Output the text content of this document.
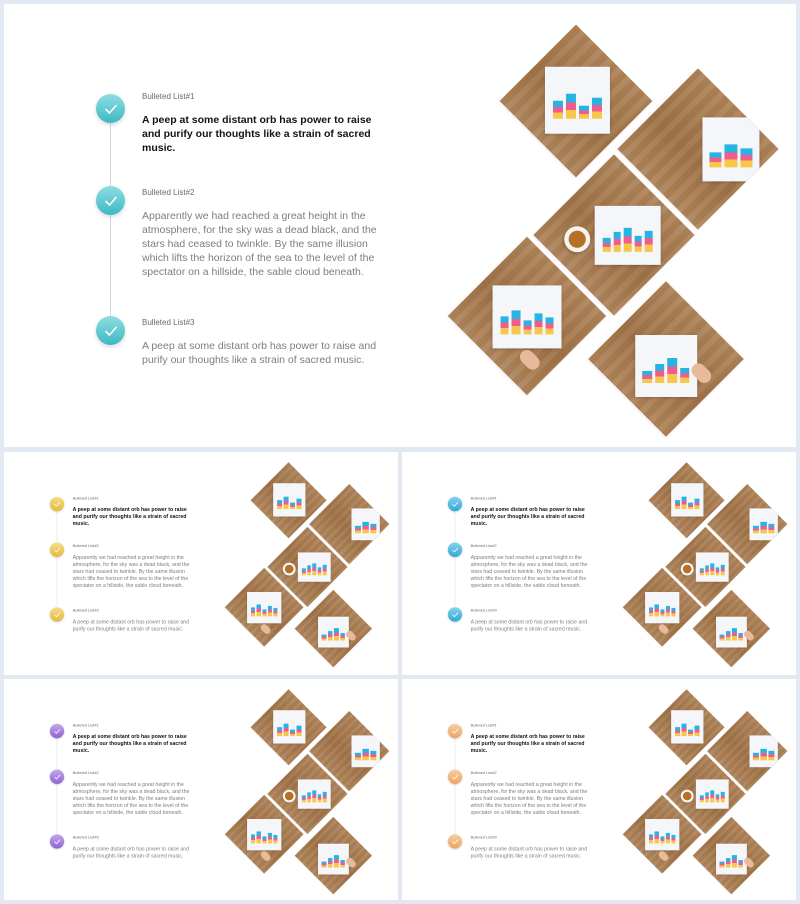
Bulleted List#1
A peep at some distant orb has power to raise and purify our thoughts like a strain of sacred music.
Bulleted List#2
Apparently we had reached a great height in the atmosphere, for the sky was a dead black, and the stars had ceased to twinkle. By the same illusion which lifts the horizon of the sea to the level of the spectator on a hillside, the sable cloud beneath.
Bulleted List#3
A peep at some distant orb has power to raise and purify our thoughts like a strain of sacred music.
Bulleted List#1
A peep at some distant orb has power to raise and purify our thoughts like a strain of sacred music.
Bulleted List#2
Apparently we had reached a great height in the atmosphere, for the sky was a dead black, and the stars had ceased to twinkle. By the same illusion which lifts the horizon of the sea to the level of the spectator on a hillside, the sable cloud beneath.
Bulleted List#3
A peep at some distant orb has power to raise and purify our thoughts like a strain of sacred music.
Bulleted List#1
A peep at some distant orb has power to raise and purify our thoughts like a strain of sacred music.
Bulleted List#2
Apparently we had reached a great height in the atmosphere, for the sky was a dead black, and the stars had ceased to twinkle. By the same illusion which lifts the horizon of the sea to the level of the spectator on a hillside, the sable cloud beneath.
Bulleted List#3
A peep at some distant orb has power to raise and purify our thoughts like a strain of sacred music.
Bulleted List#1
A peep at some distant orb has power to raise and purify our thoughts like a strain of sacred music.
Bulleted List#2
Apparently we had reached a great height in the atmosphere, for the sky was a dead black, and the stars had ceased to twinkle. By the same illusion which lifts the horizon of the sea to the level of the spectator on a hillside, the sable cloud beneath.
Bulleted List#3
A peep at some distant orb has power to raise and purify our thoughts like a strain of sacred music.
Bulleted List#1
A peep at some distant orb has power to raise and purify our thoughts like a strain of sacred music.
Bulleted List#2
Apparently we had reached a great height in the atmosphere, for the sky was a dead black, and the stars had ceased to twinkle. By the same illusion which lifts the horizon of the sea to the level of the spectator on a hillside, the sable cloud beneath.
Bulleted List#3
A peep at some distant orb has power to raise and purify our thoughts like a strain of sacred music.
